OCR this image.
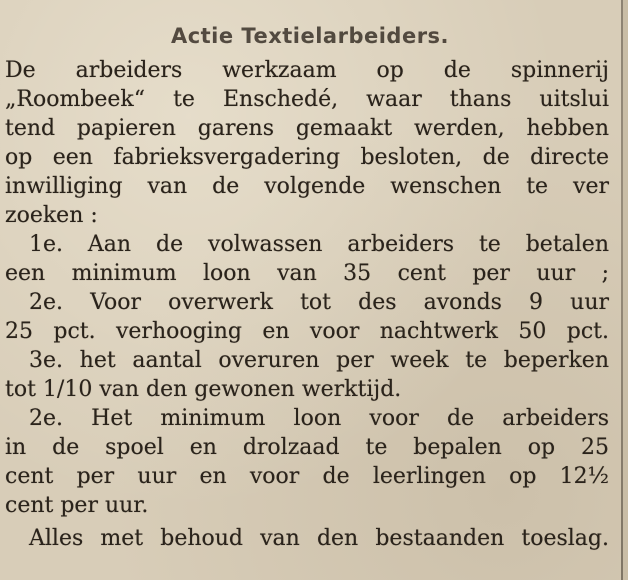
Actie Textielarbeiders.
De arbeiders werkzaam op de spinnerij
„Roombeek“ te Enschedé, waar thans uitslui
tend papieren garens gemaakt werden, hebben
op een fabrieksvergadering besloten, de directe
inwilliging van de volgende wenschen te ver
zoeken :
1e. Aan de volwassen arbeiders te betalen
een minimum loon van 35 cent per uur ;
2e. Voor overwerk tot des avonds 9 uur
25 pct. verhooging en voor nachtwerk 50 pct.
3e. het aantal overuren per week te beperken
tot 1/10 van den gewonen werktijd.
2e. Het minimum loon voor de arbeiders
in de spoel en drolzaad te bepalen op 25
cent per uur en voor de leerlingen op 12½
cent per uur.
Alles met behoud van den bestaanden toeslag.
